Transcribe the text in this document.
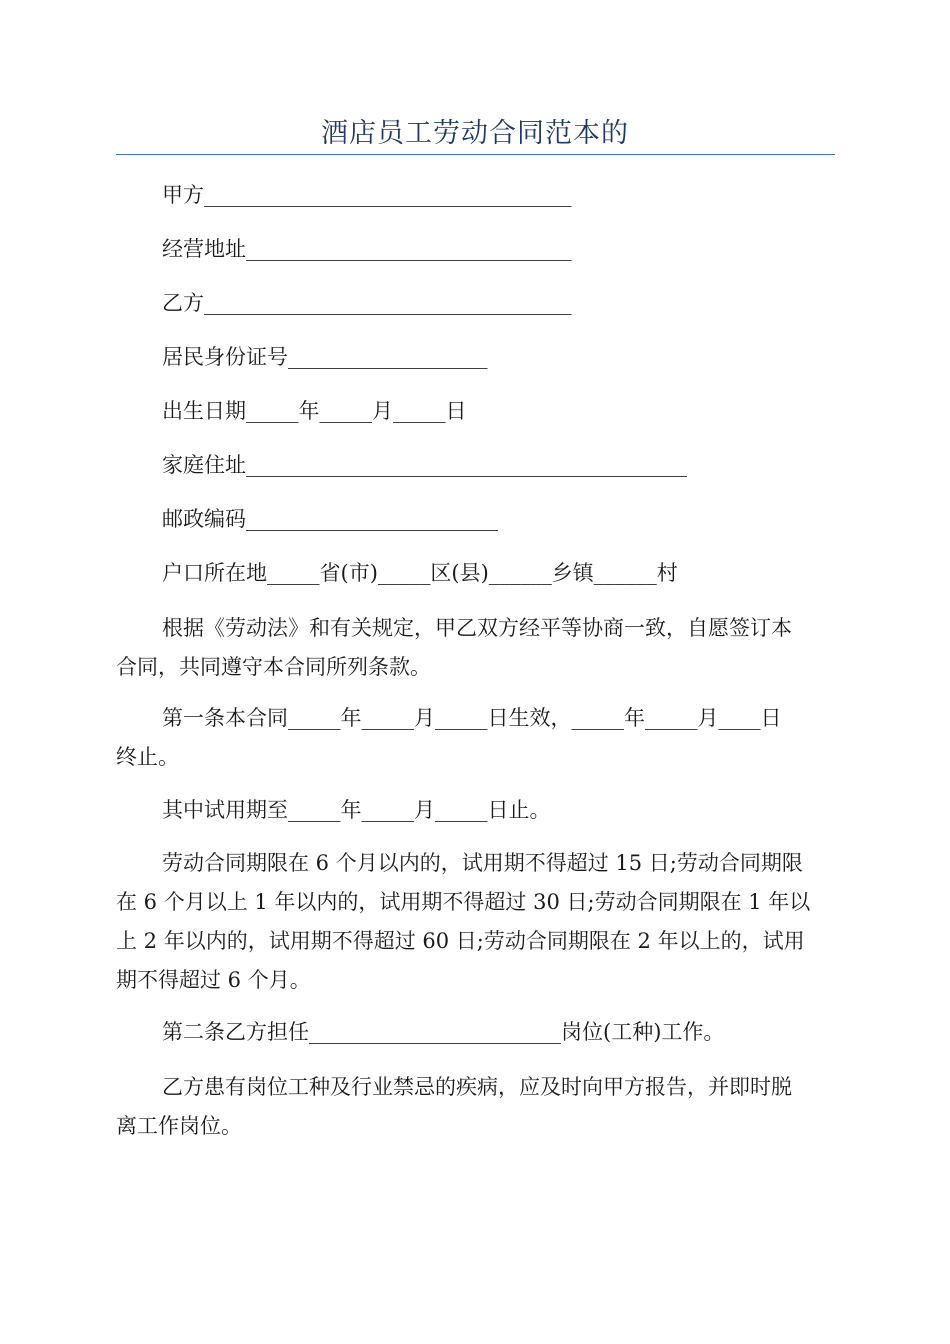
酒店员工劳动合同范本的
甲方___________________________________
经营地址_______________________________
乙方___________________________________
居民身份证号___________________
出生日期_____年_____月_____日
家庭住址__________________________________________
邮政编码________________________
户口所在地_____省(市)_____区(县)______乡镇______村
根据《劳动法》和有关规定，甲乙双方经平等协商一致，自愿签订本
合同，共同遵守本合同所列条款。
第一条本合同_____年_____月_____日生效，_____年_____月____日
终止。
其中试用期至_____年_____月_____日止。
劳动合同期限在 6 个月以内的，试用期不得超过 15 日;劳动合同期限
在 6 个月以上 1 年以内的，试用期不得超过 30 日;劳动合同期限在 1 年以
上 2 年以内的，试用期不得超过 60 日;劳动合同期限在 2 年以上的，试用
期不得超过 6 个月。
第二条乙方担任________________________岗位(工种)工作。
乙方患有岗位工种及行业禁忌的疾病，应及时向甲方报告，并即时脱
离工作岗位。
